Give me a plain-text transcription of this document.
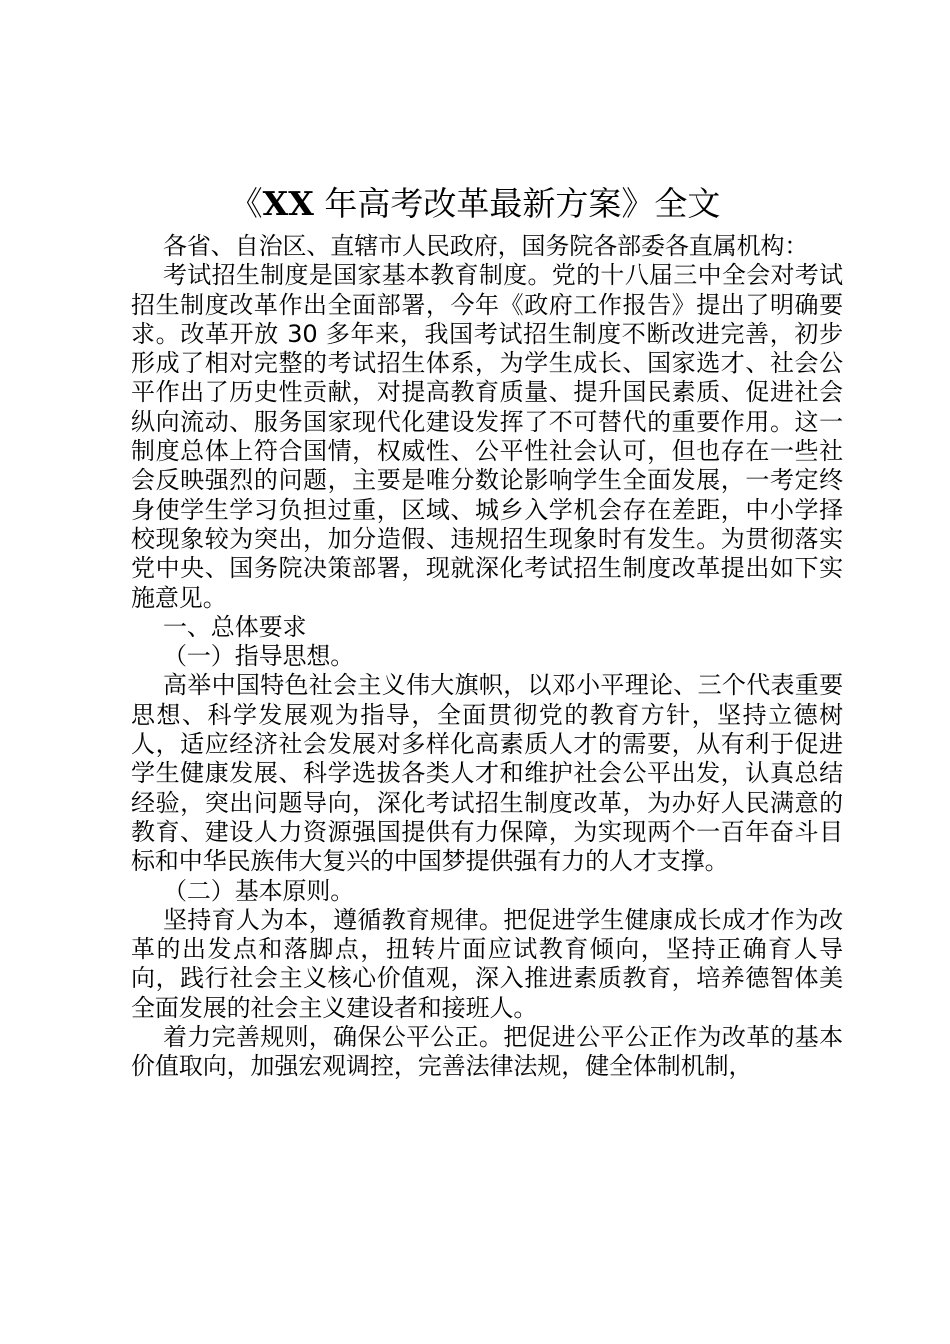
《XX 年高考改革最新方案》全文

各省、自治区、直辖市人民政府，国务院各部委各直属机构：

考试招生制度是国家基本教育制度。党的十八届三中全会对考试招生制度改革作出全面部署，今年《政府工作报告》提出了明确要求。改革开放 30 多年来，我国考试招生制度不断改进完善，初步形成了相对完整的考试招生体系，为学生成长、国家选才、社会公平作出了历史性贡献，对提高教育质量、提升国民素质、促进社会纵向流动、服务国家现代化建设发挥了不可替代的重要作用。这一制度总体上符合国情，权威性、公平性社会认可，但也存在一些社会反映强烈的问题，主要是唯分数论影响学生全面发展，一考定终身使学生学习负担过重，区域、城乡入学机会存在差距，中小学择校现象较为突出，加分造假、违规招生现象时有发生。为贯彻落实党中央、国务院决策部署，现就深化考试招生制度改革提出如下实施意见。

一、总体要求

（一）指导思想。

高举中国特色社会主义伟大旗帜，以邓小平理论、三个代表重要思想、科学发展观为指导，全面贯彻党的教育方针，坚持立德树人，适应经济社会发展对多样化高素质人才的需要，从有利于促进学生健康发展、科学选拔各类人才和维护社会公平出发，认真总结经验，突出问题导向，深化考试招生制度改革，为办好人民满意的教育、建设人力资源强国提供有力保障，为实现两个一百年奋斗目标和中华民族伟大复兴的中国梦提供强有力的人才支撑。

（二）基本原则。

坚持育人为本，遵循教育规律。把促进学生健康成长成才作为改革的出发点和落脚点，扭转片面应试教育倾向，坚持正确育人导向，践行社会主义核心价值观，深入推进素质教育，培养德智体美全面发展的社会主义建设者和接班人。

着力完善规则，确保公平公正。把促进公平公正作为改革的基本价值取向，加强宏观调控，完善法律法规，健全体制机制，
